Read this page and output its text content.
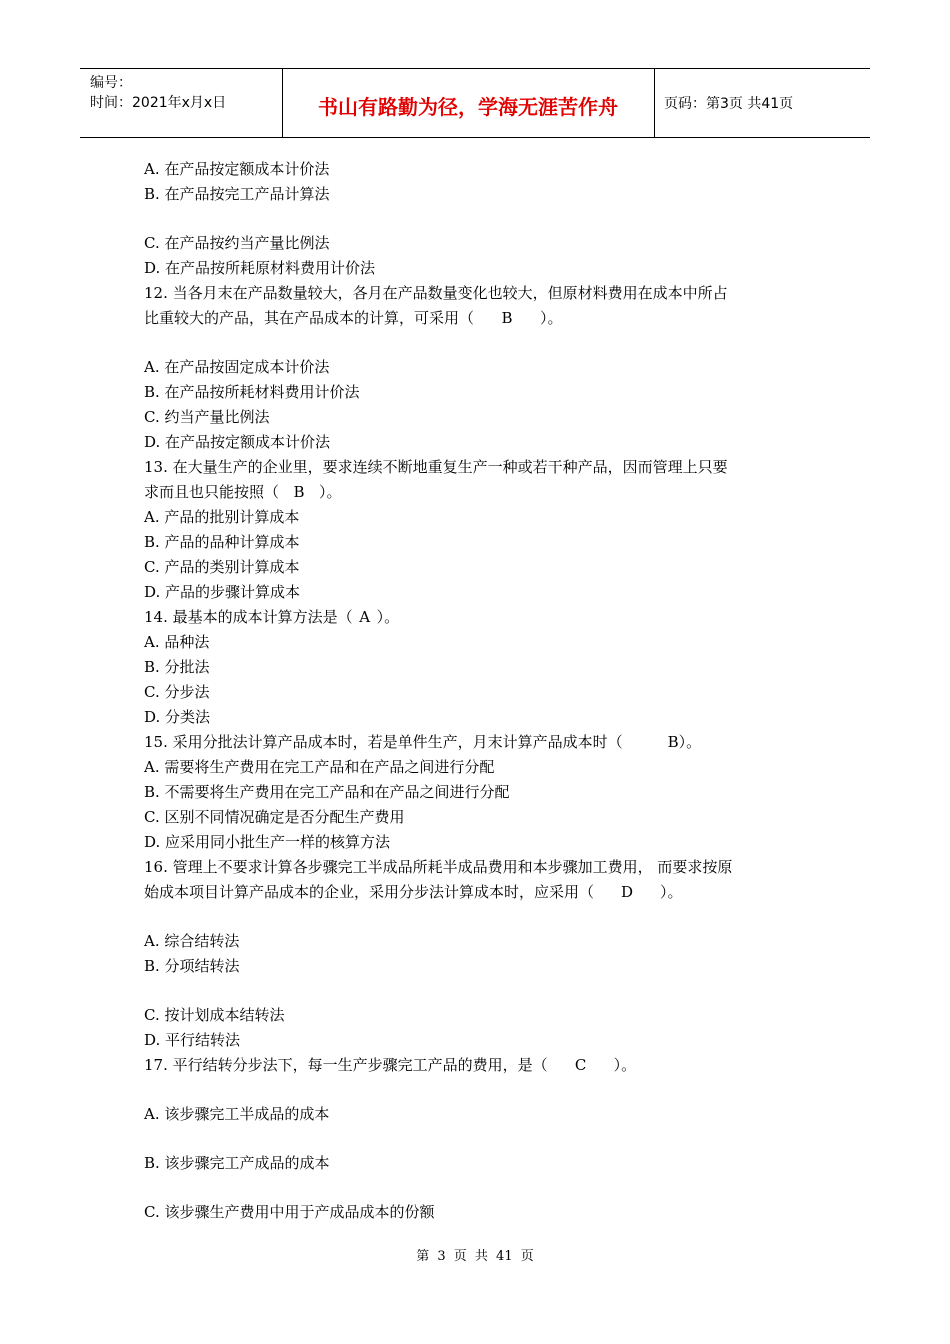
编号：
时间：2021年x月x日	书山有路勤为径，学海无涯苦作舟	页码：第3页 共41页
A. 在产品按定额成本计价法
B. 在产品按完工产品计算法
C. 在产品按约当产量比例法
D. 在产品按所耗原材料费用计价法
12. 当各月末在产品数量较大，各月在产品数量变化也较大，但原材料费用在成本中所占
比重较大的产品，其在产品成本的计算，可采用（ B ）。
A. 在产品按固定成本计价法
B. 在产品按所耗材料费用计价法
C. 约当产量比例法
D. 在产品按定额成本计价法
13. 在大量生产的企业里，要求连续不断地重复生产一种或若干种产品，因而管理上只要
求而且也只能按照（ B ）。
A. 产品的批别计算成本
B. 产品的品种计算成本
C. 产品的类别计算成本
D. 产品的步骤计算成本
14. 最基本的成本计算方法是（ A ）。
A. 品种法
B. 分批法
C. 分步法
D. 分类法
15. 采用分批法计算产品成本时，若是单件生产，月末计算产品成本时（	B）。
A. 需要将生产费用在完工产品和在产品之间进行分配
B. 不需要将生产费用在完工产品和在产品之间进行分配
C. 区别不同情况确定是否分配生产费用
D. 应采用同小批生产一样的核算方法
16. 管理上不要求计算各步骤完工半成品所耗半成品费用和本步骤加工费用， 而要求按原
始成本项目计算产品成本的企业，采用分步法计算成本时，应采用（ D ）。
A. 综合结转法
B. 分项结转法
C. 按计划成本结转法
D. 平行结转法
17. 平行结转分步法下，每一生产步骤完工产品的费用，是（ C ）。
A. 该步骤完工半成品的成本
B. 该步骤完工产成品的成本
C. 该步骤生产费用中用于产成品成本的份额
第 3 页 共 41 页
